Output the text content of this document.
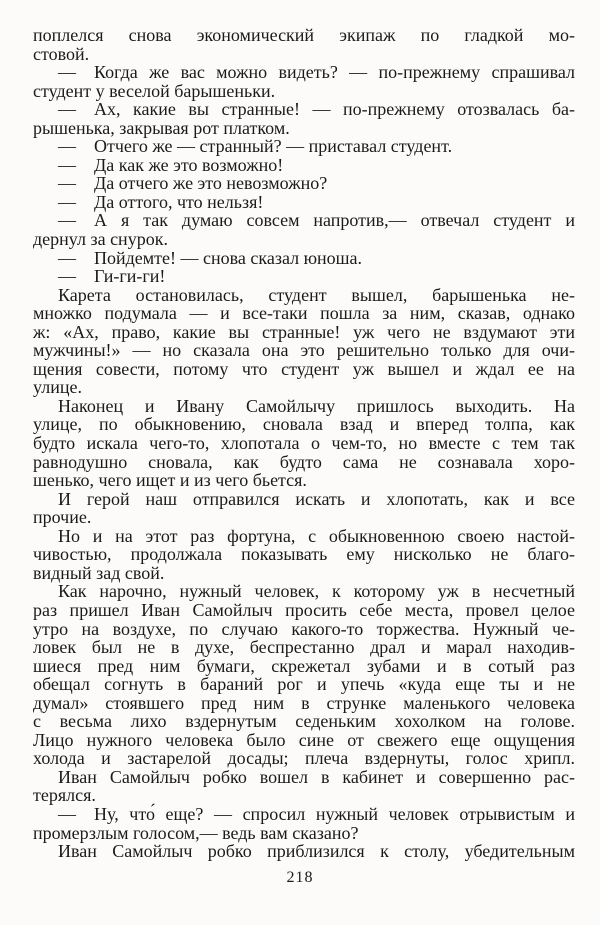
поплелся снова экономический экипаж по гладкой мо-
стовой.
— Когда же вас можно видеть? — по-прежнему спрашивал
студент у веселой барышеньки.
— Ах, какие вы странные! — по-прежнему отозвалась ба-
рышенька, закрывая рот платком.
— Отчего же — странный? — приставал студент.
— Да как же это возможно!
— Да отчего же это невозможно?
— Да оттого, что нельзя!
— А я так думаю совсем напротив,— отвечал студент и
дернул за снурок.
— Пойдемте! — снова сказал юноша.
— Ги-ги-ги!
Карета остановилась, студент вышел, барышенька не-
множко подумала — и все-таки пошла за ним, сказав, однако
ж: «Ах, право, какие вы странные! уж чего не вздумают эти
мужчины!» — но сказала она это решительно только для очи-
щения совести, потому что студент уж вышел и ждал ее на
улице.
Наконец и Ивану Самойлычу пришлось выходить. На
улице, по обыкновению, сновала взад и вперед толпа, как
будто искала чего-то, хлопотала о чем-то, но вместе с тем так
равнодушно сновала, как будто сама не сознавала хоро-
шенько, чего ищет и из чего бьется.
И герой наш отправился искать и хлопотать, как и все
прочие.
Но и на этот раз фортуна, с обыкновенною своею настой-
чивостью, продолжала показывать ему нисколько не благо-
видный зад свой.
Как нарочно, нужный человек, к которому уж в несчетный
раз пришел Иван Самойлыч просить себе места, провел целое
утро на воздухе, по случаю какого-то торжества. Нужный че-
ловек был не в духе, беспрестанно драл и марал находив-
шиеся пред ним бумаги, скрежетал зубами и в сотый раз
обещал согнуть в бараний рог и упечь «куда еще ты и не
думал» стоявшего пред ним в струнке маленького человека
с весьма лихо вздернутым седеньким хохолком на голове.
Лицо нужного человека было сине от свежего еще ощущения
холода и застарелой досады; плеча вздернуты, голос хрипл.
Иван Самойлыч робко вошел в кабинет и совершенно рас-
терялся.
— Ну, что́ еще? — спросил нужный человек отрывистым и
промерзлым голосом,— ведь вам сказано?
Иван Самойлыч робко приблизился к столу, убедительным
218
